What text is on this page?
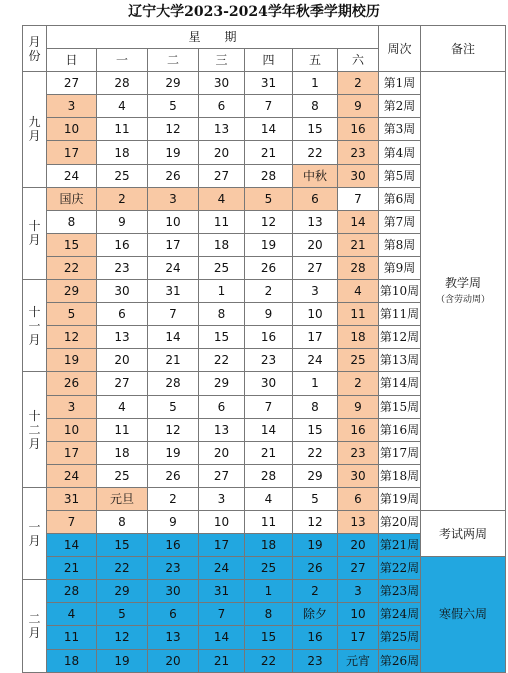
辽宁大学2023-2024学年秋季学期校历
月份	星　　期							周次	备注
	日	一	二	三	四	五	六		
九月	27	28	29	30	31	1	2	第1周	教学周
（含劳动周）

	3	4	5	6	7	8	9	第2周	
	10	11	12	13	14	15	16	第3周	
	17	18	19	20	21	22	23	第4周	
	24	25	26	27	28	中秋	30	第5周	
十月	国庆	2	3	4	5	6	7	第6周	
	8	9	10	11	12	13	14	第7周	
	15	16	17	18	19	20	21	第8周	
	22	23	24	25	26	27	28	第9周	
十一月	29	30	31	1	2	3	4	第10周	
	5	6	7	8	9	10	11	第11周	
	12	13	14	15	16	17	18	第12周	
	19	20	21	22	23	24	25	第13周	
十二月	26	27	28	29	30	1	2	第14周	
	3	4	5	6	7	8	9	第15周	
	10	11	12	13	14	15	16	第16周	
	17	18	19	20	21	22	23	第17周	
	24	25	26	27	28	29	30	第18周	
一月	31	元旦	2	3	4	5	6	第19周	
	7	8	9	10	11	12	13	第20周	考试两周
	14	15	16	17	18	19	20	第21周	
	21	22	23	24	25	26	27	第22周	寒假六周
二月	28	29	30	31	1	2	3	第23周	
	4	5	6	7	8	除夕	10	第24周	
	11	12	13	14	15	16	17	第25周	
	18	19	20	21	22	23	元宵	第26周	
